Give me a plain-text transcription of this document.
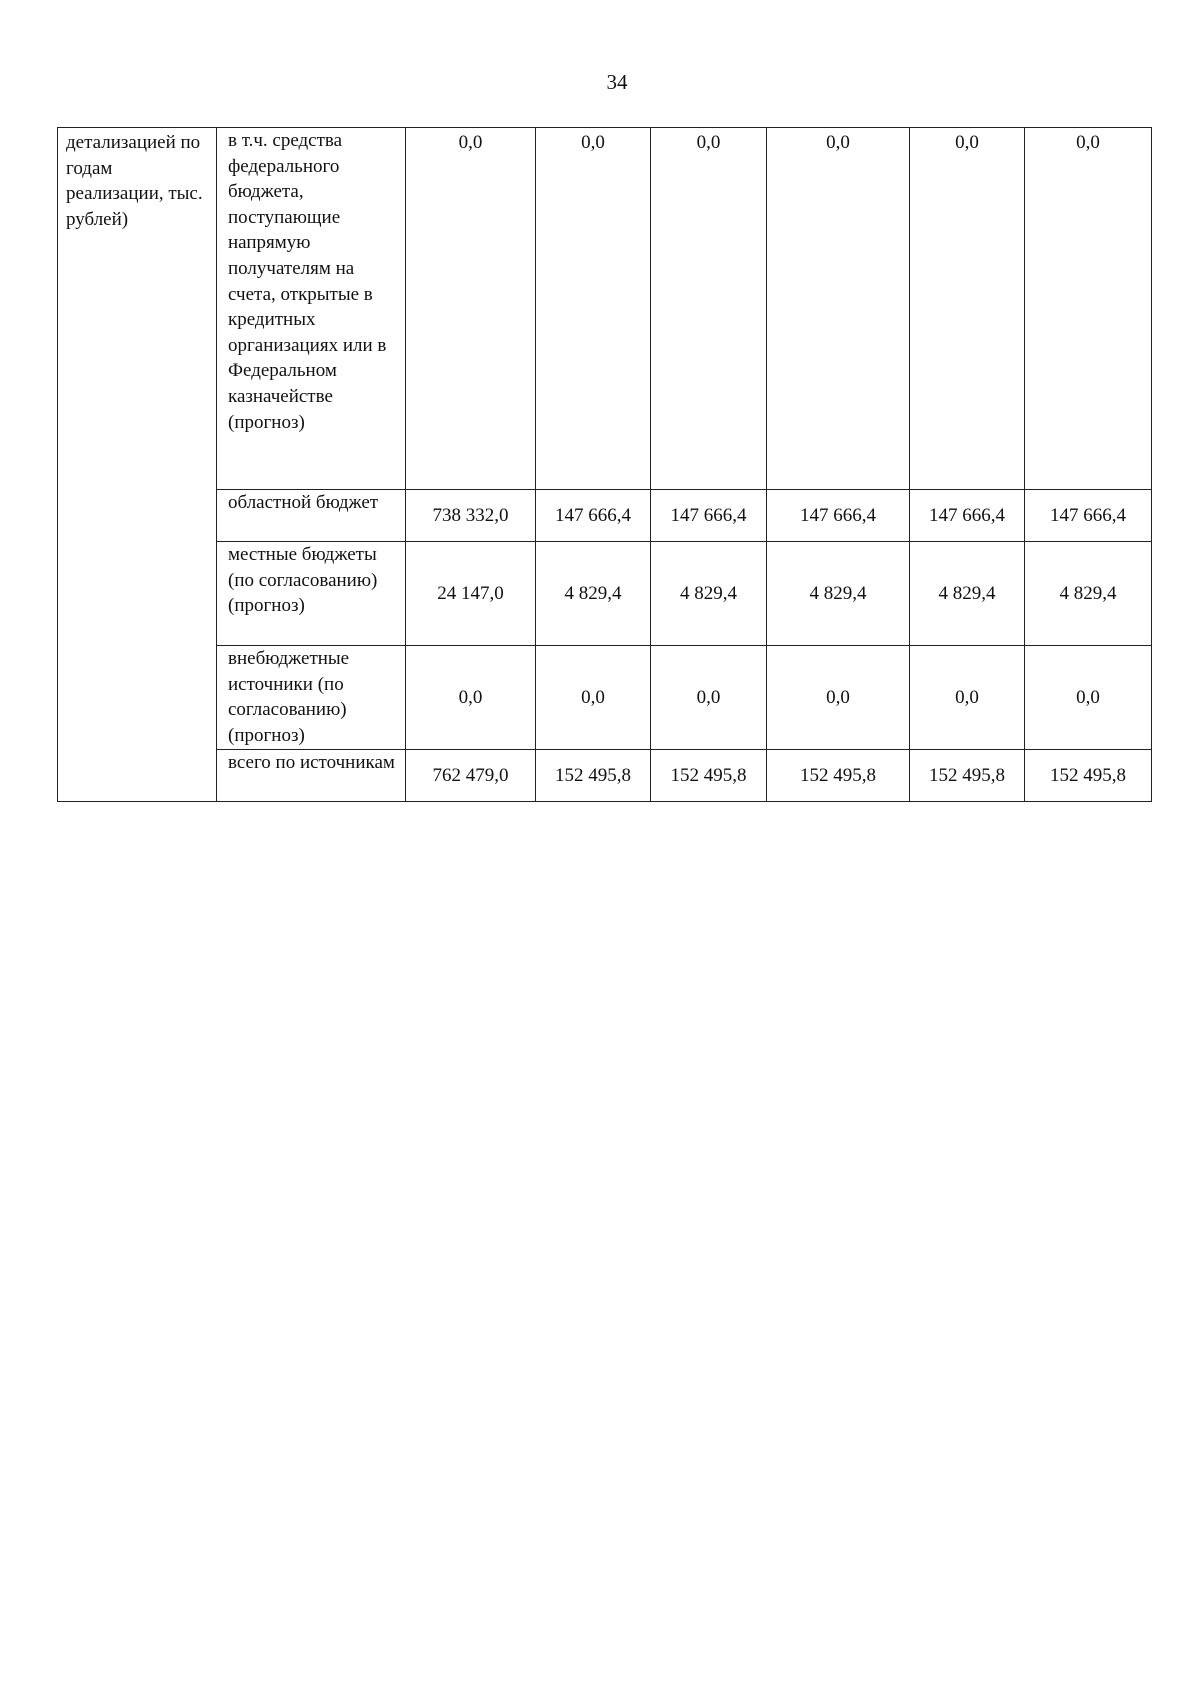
34
детализацией по годам реализации, тыс. рублей)	в т.ч. средства федерального бюджета, поступающие напрямую получателям на счета, открытые в кредитных организациях или в Федеральном казначействе (прогноз)	0,0	0,0	0,0	0,0	0,0	0,0
	областной бюджет	738 332,0	147 666,4	147 666,4	147 666,4	147 666,4	147 666,4
	местные бюджеты (по согласованию) (прогноз)	24 147,0	4 829,4	4 829,4	4 829,4	4 829,4	4 829,4
	внебюджетные источники (по согласованию) (прогноз)	0,0	0,0	0,0	0,0	0,0	0,0
	всего по источникам	762 479,0	152 495,8	152 495,8	152 495,8	152 495,8	152 495,8
